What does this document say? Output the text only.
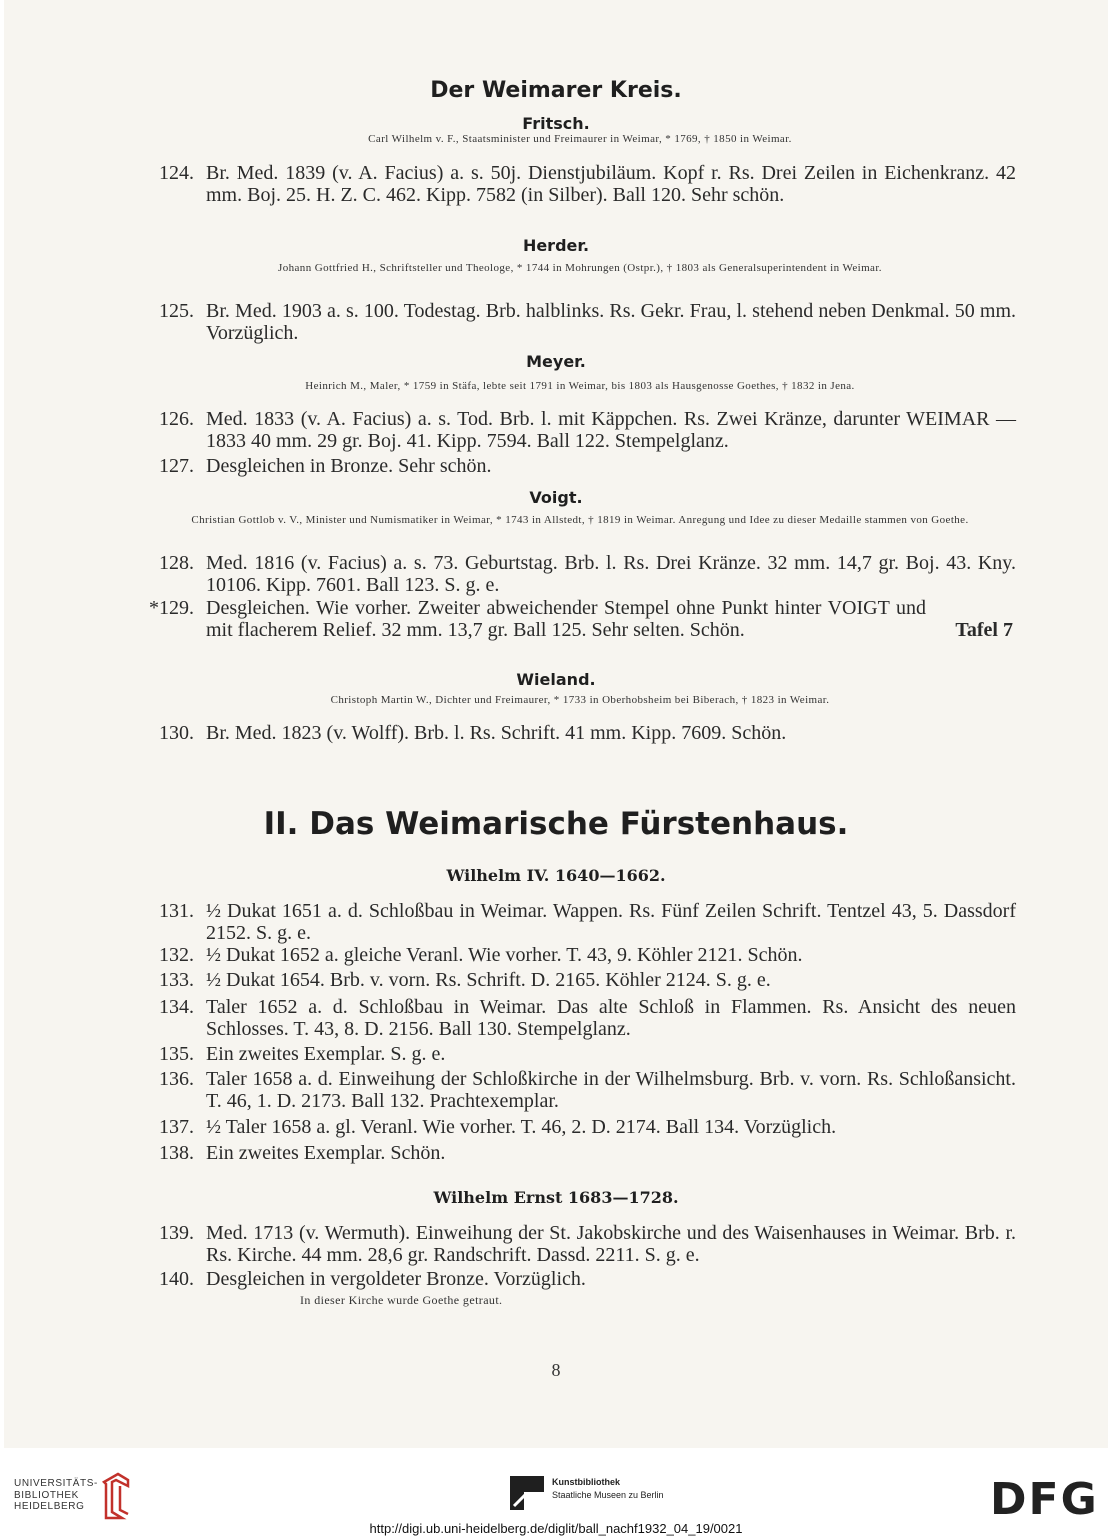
Der Weimarer Kreis.
Fritsch.
Carl Wilhelm v. F., Staatsminister und Freimaurer in Weimar, * 1769, † 1850 in Weimar.
124. Br. Med. 1839 (v. A. Facius) a. s. 50j. Dienstjubiläum. Kopf r. Rs. Drei Zeilen in Eichenkranz. 42 mm. Boj. 25. H. Z. C. 462. Kipp. 7582 (in Silber). Ball 120. Sehr schön.
Herder.
Johann Gottfried H., Schriftsteller und Theologe, * 1744 in Mohrungen (Ostpr.), † 1803 als Generalsuperintendent in Weimar.
125. Br. Med. 1903 a. s. 100. Todestag. Brb. halblinks. Rs. Gekr. Frau, l. stehend neben Denkmal. 50 mm. Vorzüglich.
Meyer.
Heinrich M., Maler, * 1759 in Stäfa, lebte seit 1791 in Weimar, bis 1803 als Hausgenosse Goethes, † 1832 in Jena.
126. Med. 1833 (v. A. Facius) a. s. Tod. Brb. l. mit Käppchen. Rs. Zwei Kränze, darunter WEIMAR — 1833 40 mm. 29 gr. Boj. 41. Kipp. 7594. Ball 122. Stempelglanz.
127. Desgleichen in Bronze. Sehr schön.
Voigt.
Christian Gottlob v. V., Minister und Numismatiker in Weimar, * 1743 in Allstedt, † 1819 in Weimar. Anregung und Idee zu dieser Medaille stammen von Goethe.
128. Med. 1816 (v. Facius) a. s. 73. Geburtstag. Brb. l. Rs. Drei Kränze. 32 mm. 14,7 gr. Boj. 43. Kny. 10106. Kipp. 7601. Ball 123. S. g. e.
*129. Desgleichen. Wie vorher. Zweiter abweichender Stempel ohne Punkt hinter VOIGT und mit flacherem Relief. 32 mm. 13,7 gr. Ball 125. Sehr selten. Schön.	Tafel 7
Wieland.
Christoph Martin W., Dichter und Freimaurer, * 1733 in Oberhobsheim bei Biberach, † 1823 in Weimar.
130. Br. Med. 1823 (v. Wolff). Brb. l. Rs. Schrift. 41 mm. Kipp. 7609. Schön.
II. Das Weimarische Fürstenhaus.
Wilhelm IV. 1640—1662.
131. ½ Dukat 1651 a. d. Schloßbau in Weimar. Wappen. Rs. Fünf Zeilen Schrift. Tentzel 43, 5. Dassdorf 2152. S. g. e.
132. ½ Dukat 1652 a. gleiche Veranl. Wie vorher. T. 43, 9. Köhler 2121. Schön.
133. ½ Dukat 1654. Brb. v. vorn. Rs. Schrift. D. 2165. Köhler 2124. S. g. e.
134. Taler 1652 a. d. Schloßbau in Weimar. Das alte Schloß in Flammen. Rs. Ansicht des neuen Schlosses. T. 43, 8. D. 2156. Ball 130. Stempelglanz.
135. Ein zweites Exemplar. S. g. e.
136. Taler 1658 a. d. Einweihung der Schloßkirche in der Wilhelmsburg. Brb. v. vorn. Rs. Schloßansicht. T. 46, 1. D. 2173. Ball 132. Prachtexemplar.
137. ½ Taler 1658 a. gl. Veranl. Wie vorher. T. 46, 2. D. 2174. Ball 134. Vorzüglich.
138. Ein zweites Exemplar. Schön.
Wilhelm Ernst 1683—1728.
139. Med. 1713 (v. Wermuth). Einweihung der St. Jakobskirche und des Waisenhauses in Weimar. Brb. r. Rs. Kirche. 44 mm. 28,6 gr. Randschrift. Dassd. 2211. S. g. e.
140. Desgleichen in vergoldeter Bronze. Vorzüglich.
In dieser Kirche wurde Goethe getraut.
8
UNIVERSITÄTS-
BIBLIOTHEK
HEIDELBERG
Kunstbibliothek
Staatliche Museen zu Berlin	DFG
http://digi.ub.uni-heidelberg.de/diglit/ball_nachf1932_04_19/0021
